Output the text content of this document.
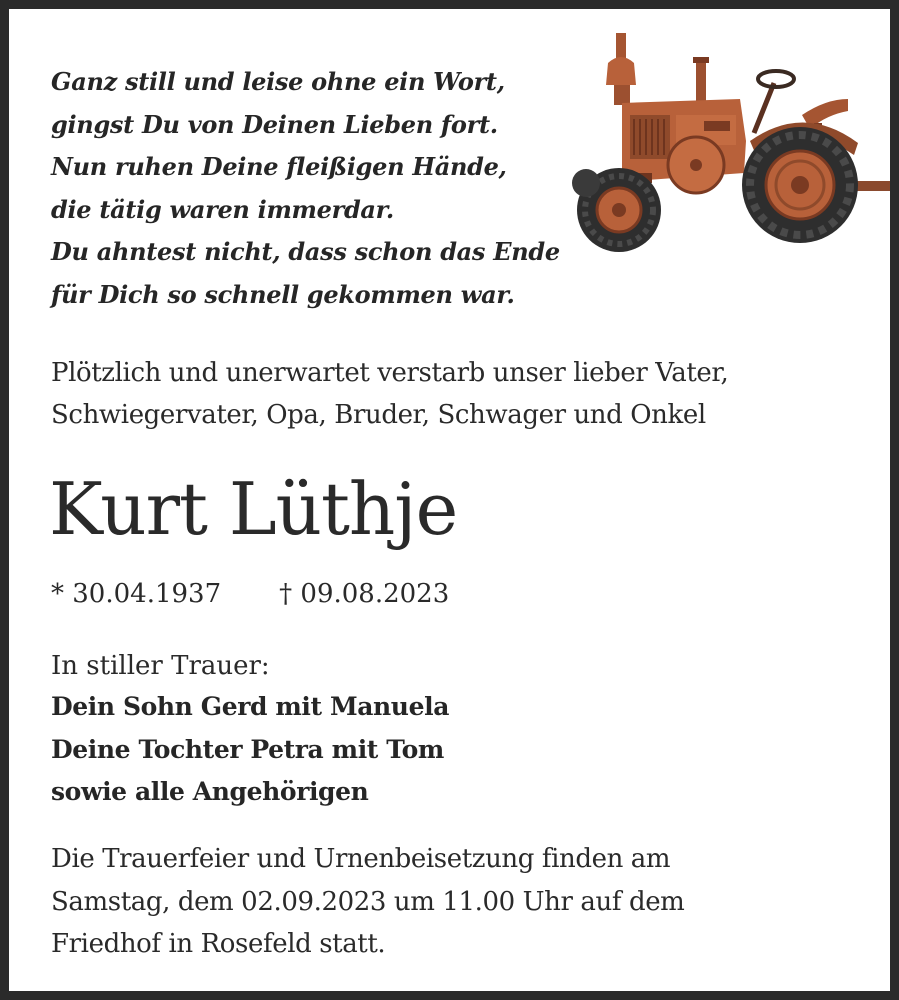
Ganz still und leise ohne ein Wort,
gingst Du von Deinen Lieben fort.
Nun ruhen Deine fleißigen Hände,
die tätig waren immerdar.
Du ahntest nicht, dass schon das Ende
für Dich so schnell gekommen war.
Plötzlich und unerwartet verstarb unser lieber Vater,
Schwiegervater, Opa, Bruder, Schwager und Onkel
Kurt Lüthje
* 30.04.1937 † 09.08.2023
In stiller Trauer:
Dein Sohn Gerd mit Manuela
Deine Tochter Petra mit Tom
sowie alle Angehörigen
Die Trauerfeier und Urnenbeisetzung finden am
Samstag, dem 02.09.2023 um 11.00 Uhr auf dem
Friedhof in Rosefeld statt.
